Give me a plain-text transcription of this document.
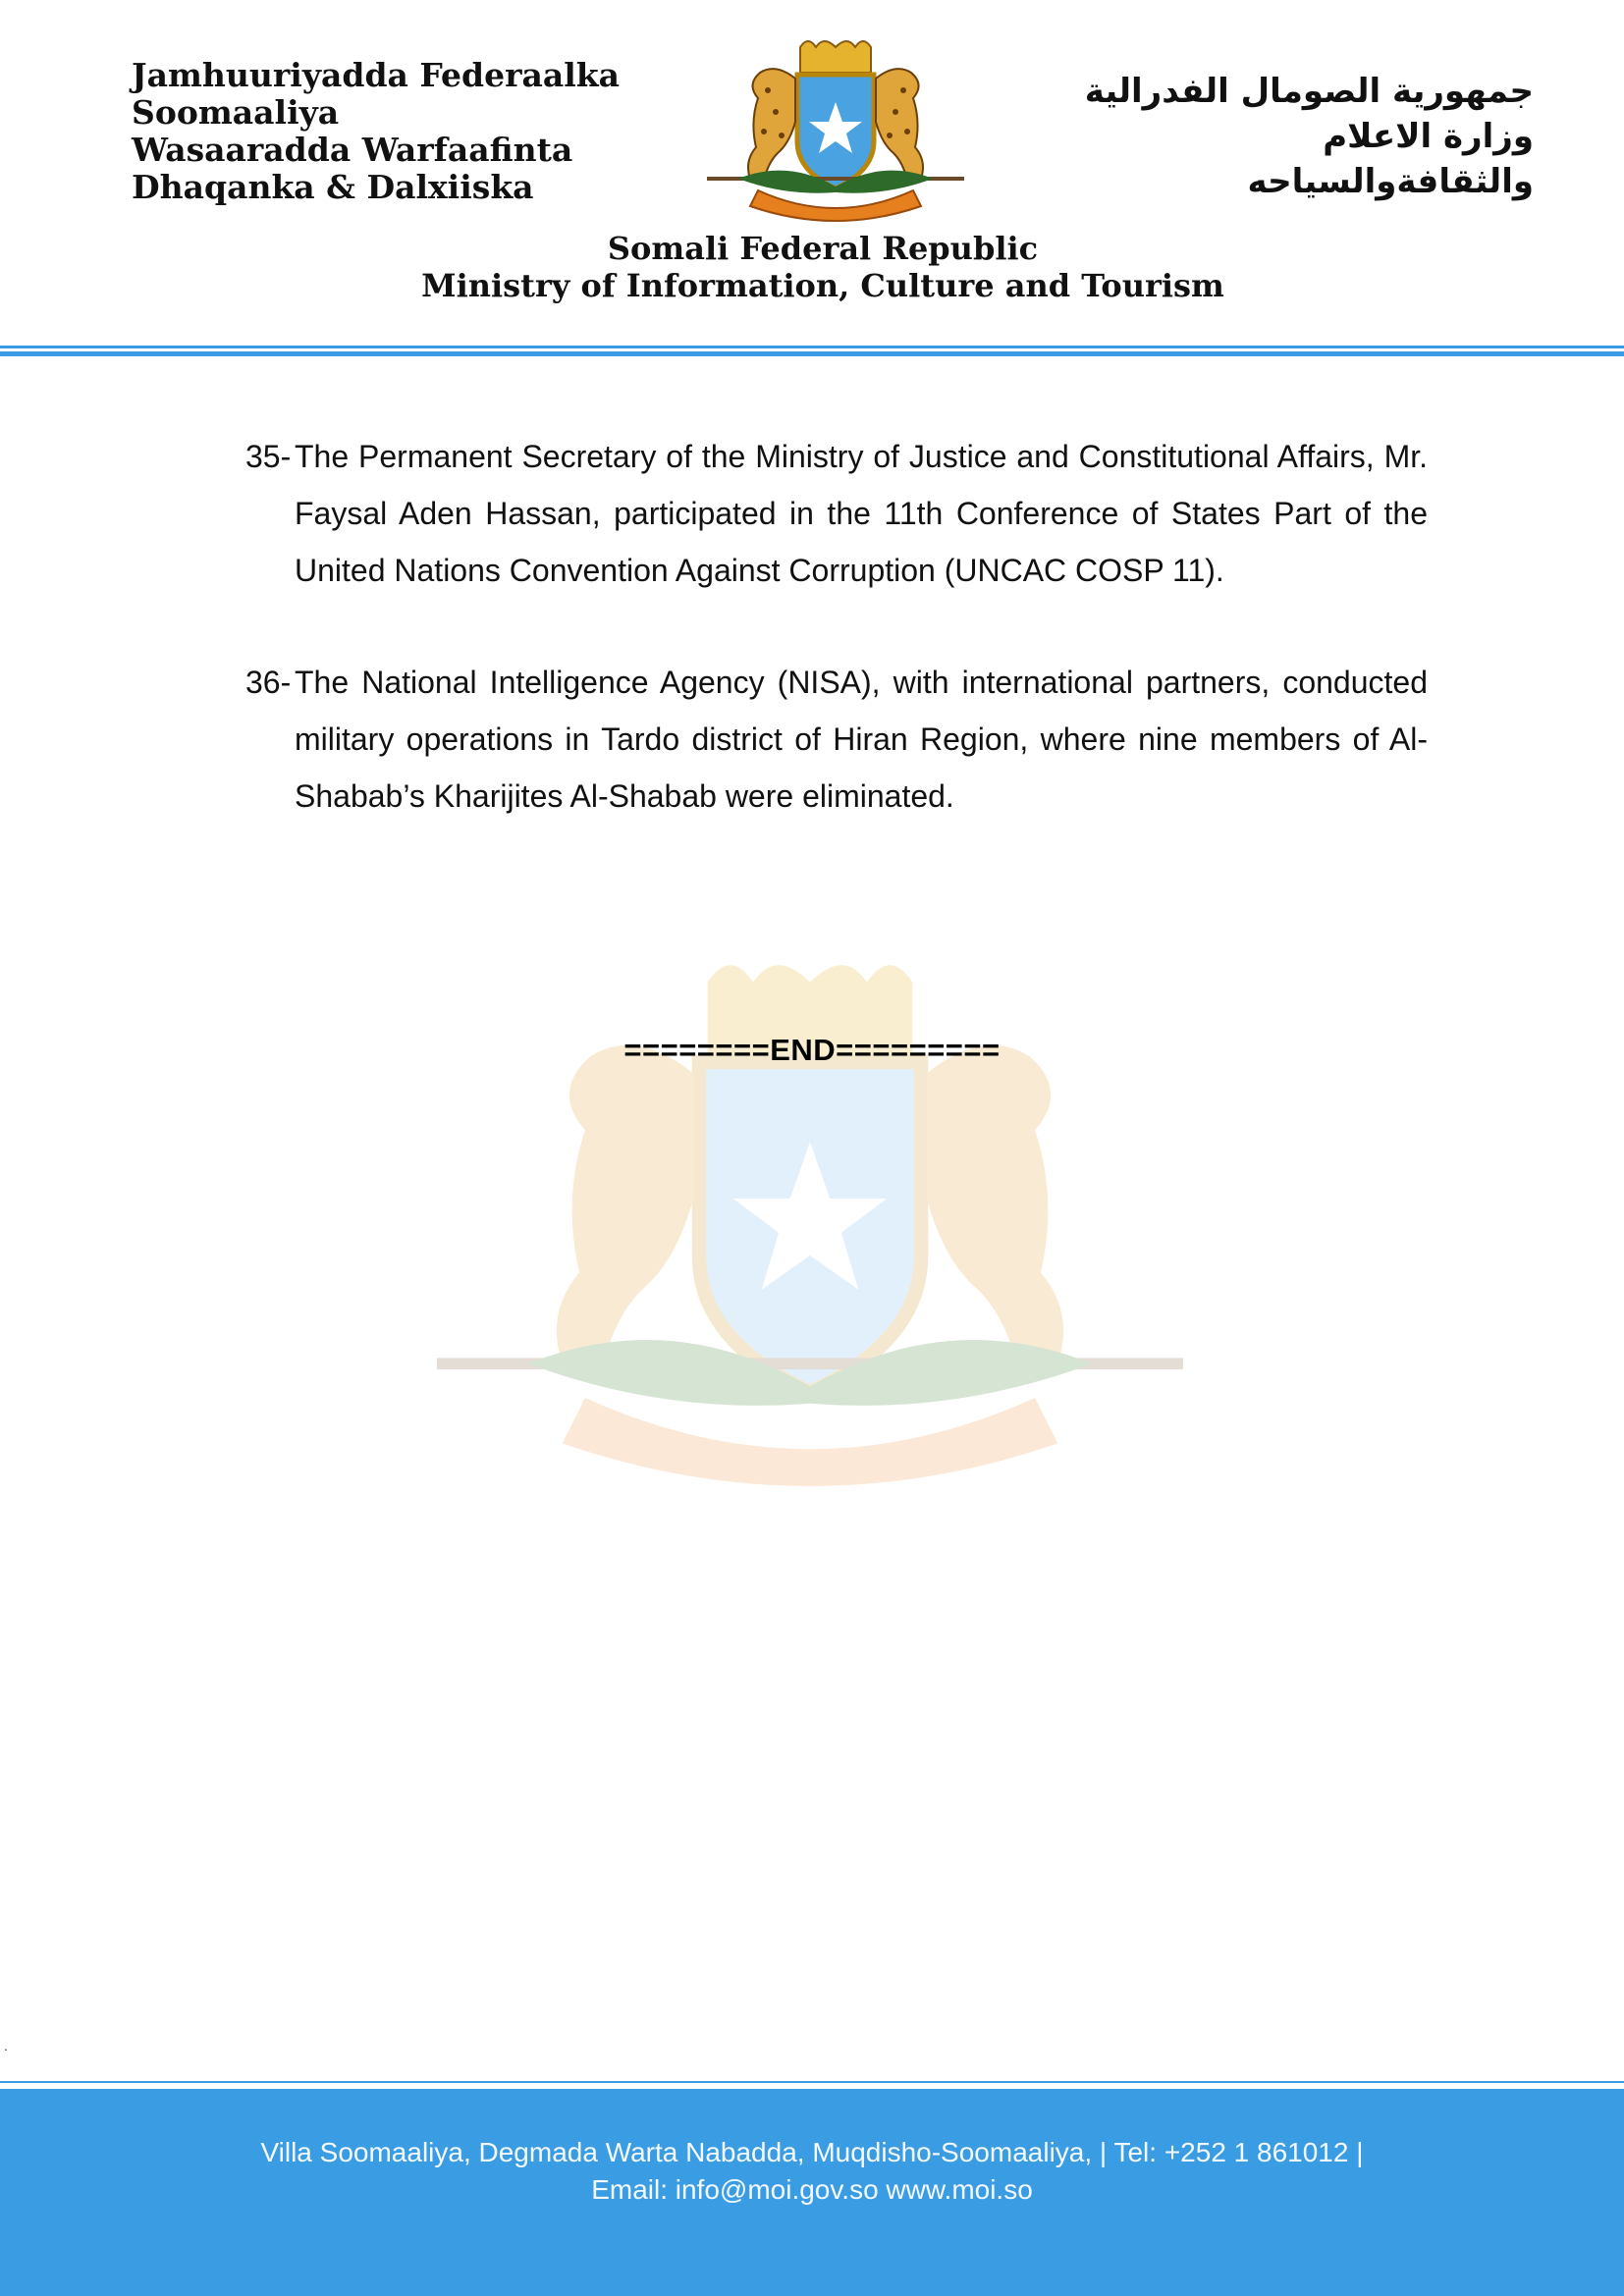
Jamhuuriyadda Federaalka
Soomaaliya
Wasaaradda Warfaafinta
Dhaqanka & Dalxiiska
جمهورية الصومال الفدرالية
وزارة الاعلام
والثقافةوالسياحه
Somali Federal Republic
Ministry of Information, Culture and Tourism
35- The Permanent Secretary of the Ministry of Justice and Constitutional Affairs, Mr. Faysal Aden Hassan, participated in the 11th Conference of States Part of the United Nations Convention Against Corruption (UNCAC COSP 11).
36- The National Intelligence Agency (NISA), with international partners, conducted military operations in Tardo district of Hiran Region, where nine members of Al-Shabab’s Kharijites Al-Shabab were eliminated.
========END=========
.
Villa Soomaaliya, Degmada Warta Nabadda, Muqdisho-Soomaaliya, | Tel: +252 1 861012 |
Email: info@moi.gov.so www.moi.so
